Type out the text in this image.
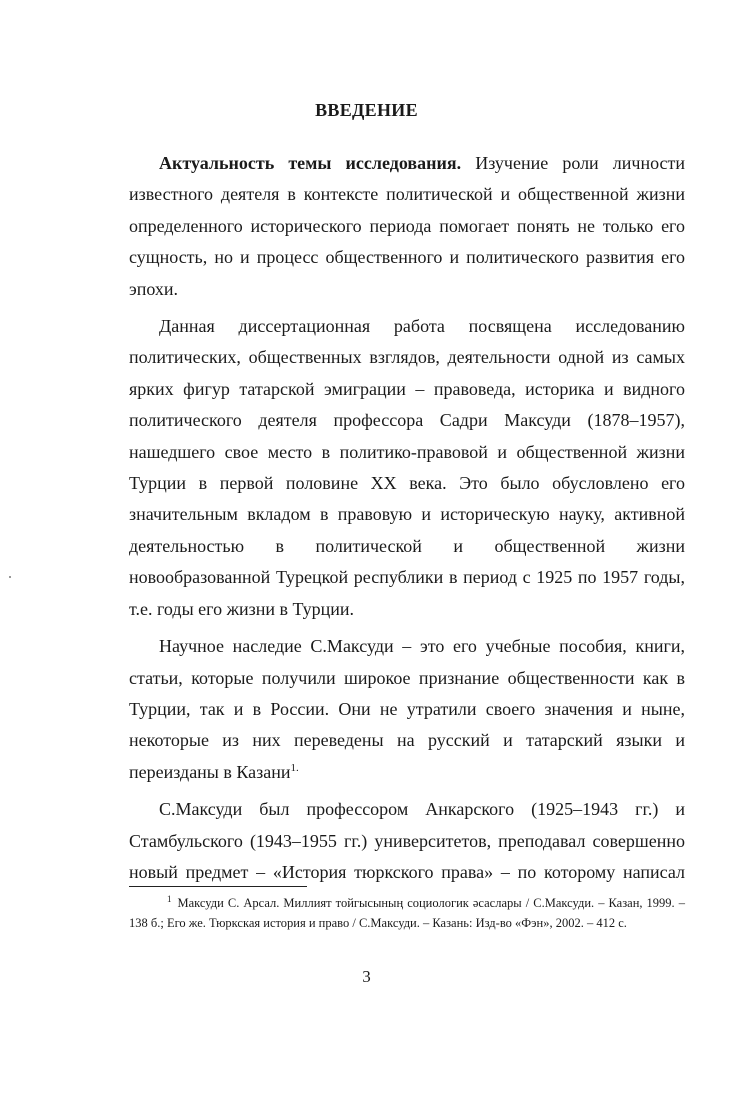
ВВЕДЕНИЕ

Актуальность темы исследования. Изучение роли личности известного деятеля в контексте политической и общественной жизни определенного исторического периода помогает понять не только его сущность, но и процесс общественного и политического развития его эпохи.

Данная диссертационная работа посвящена исследованию политических, общественных взглядов, деятельности одной из самых ярких фигур татарской эмиграции – правоведа, историка и видного политического деятеля профессора Садри Максуди (1878–1957), нашедшего свое место в политико-правовой и общественной жизни Турции в первой половине XX века. Это было обусловлено его значительным вкладом в правовую и историческую науку, активной деятельностью в политической и общественной жизни новообразованной Турецкой республики в период с 1925 по 1957 годы, т.е. годы его жизни в Турции.

Научное наследие С.Максуди – это его учебные пособия, книги, статьи, которые получили широкое признание общественности как в Турции, так и в России. Они не утратили своего значения и ныне, некоторые из них переведены на русский и татарский языки и переизданы в Казани$^{1.}$

С.Максуди был профессором Анкарского (1925–1943 гг.) и Стамбульского (1943–1955 гг.) университетов, преподавал совершенно новый предмет – «История тюркского права» – по которому написал

$^1$ Максуди С. Арсал. Миллият тойгысының социологик әсаслары / С.Максуди. – Казан, 1999. – 138 б.; Его же. Тюркская история и право / С.Максуди. – Казань: Изд-во «Фэн», 2002. – 412 с.
3
